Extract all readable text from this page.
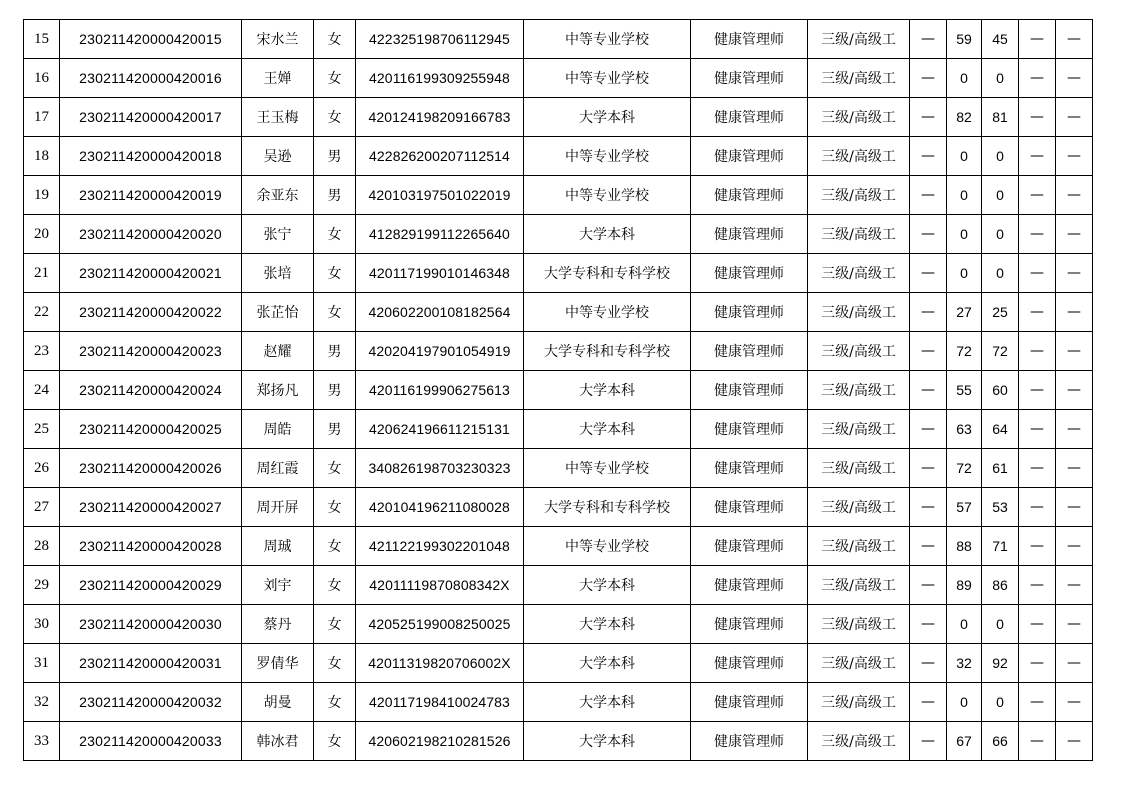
15	230211420000420015	宋水兰	女	422325198706112945	中等专业学校	健康管理师	三级/高级工	—	59	45	—	—
16	230211420000420016	王婵	女	420116199309255948	中等专业学校	健康管理师	三级/高级工	—	0	0	—	—
17	230211420000420017	王玉梅	女	420124198209166783	大学本科	健康管理师	三级/高级工	—	82	81	—	—
18	230211420000420018	吴逊	男	422826200207112514	中等专业学校	健康管理师	三级/高级工	—	0	0	—	—
19	230211420000420019	余亚东	男	420103197501022019	中等专业学校	健康管理师	三级/高级工	—	0	0	—	—
20	230211420000420020	张宁	女	412829199112265640	大学本科	健康管理师	三级/高级工	—	0	0	—	—
21	230211420000420021	张培	女	420117199010146348	大学专科和专科学校	健康管理师	三级/高级工	—	0	0	—	—
22	230211420000420022	张芷怡	女	420602200108182564	中等专业学校	健康管理师	三级/高级工	—	27	25	—	—
23	230211420000420023	赵耀	男	420204197901054919	大学专科和专科学校	健康管理师	三级/高级工	—	72	72	—	—
24	230211420000420024	郑扬凡	男	420116199906275613	大学本科	健康管理师	三级/高级工	—	55	60	—	—
25	230211420000420025	周皓	男	420624196611215131	大学本科	健康管理师	三级/高级工	—	63	64	—	—
26	230211420000420026	周红霞	女	340826198703230323	中等专业学校	健康管理师	三级/高级工	—	72	61	—	—
27	230211420000420027	周开屏	女	420104196211080028	大学专科和专科学校	健康管理师	三级/高级工	—	57	53	—	—
28	230211420000420028	周珹	女	421122199302201048	中等专业学校	健康管理师	三级/高级工	—	88	71	—	—
29	230211420000420029	刘宇	女	42011119870808342X	大学本科	健康管理师	三级/高级工	—	89	86	—	—
30	230211420000420030	蔡丹	女	420525199008250025	大学本科	健康管理师	三级/高级工	—	0	0	—	—
31	230211420000420031	罗倩华	女	42011319820706002X	大学本科	健康管理师	三级/高级工	—	32	92	—	—
32	230211420000420032	胡曼	女	420117198410024783	大学本科	健康管理师	三级/高级工	—	0	0	—	—
33	230211420000420033	韩冰君	女	420602198210281526	大学本科	健康管理师	三级/高级工	—	67	66	—	—
